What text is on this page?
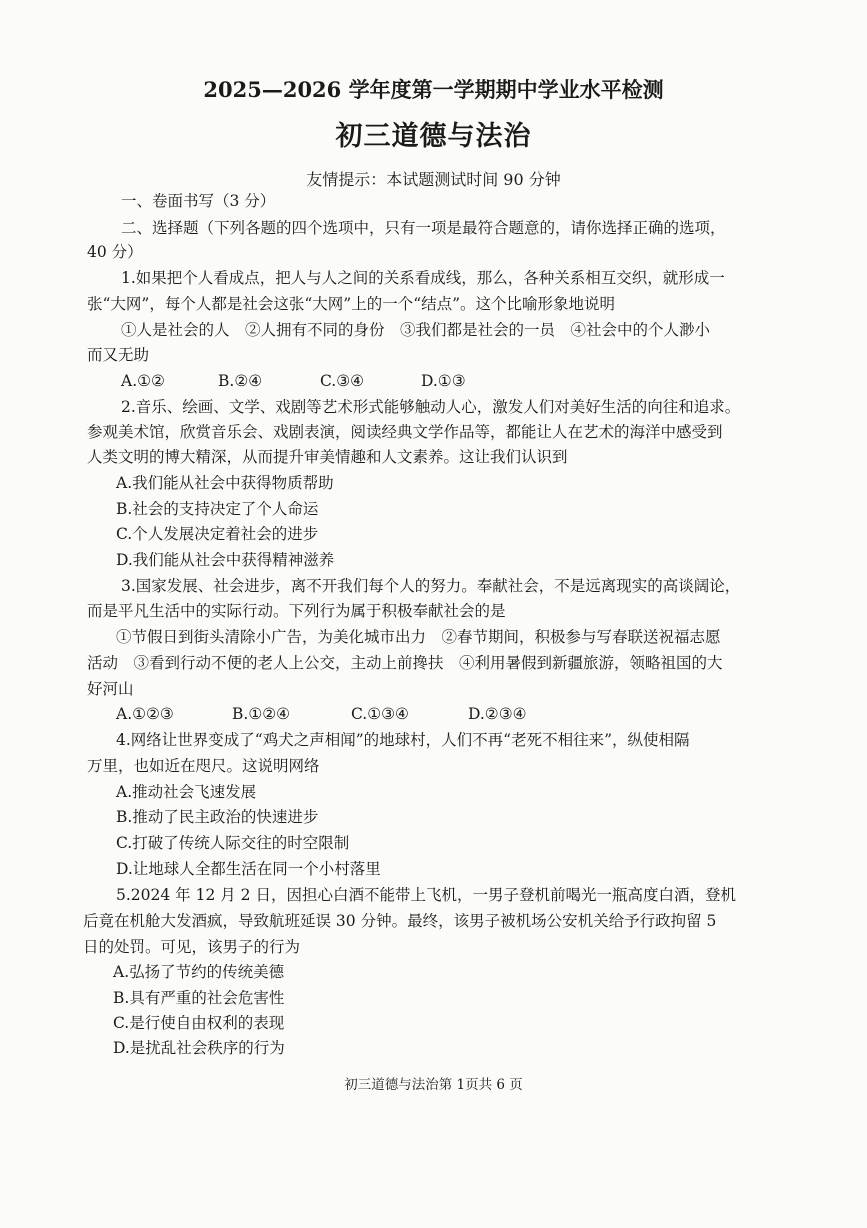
2025—2026 学年度第一学期期中学业水平检测
初三道德与法治
友情提示：本试题测试时间 90 分钟
一、卷面书写（3 分）
二、选择题（下列各题的四个选项中，只有一项是最符合题意的，请你选择正确的选项，
40 分）
1.如果把个人看成点，把人与人之间的关系看成线，那么，各种关系相互交织，就形成一
张“大网”，每个人都是社会这张“大网”上的一个“结点”。这个比喻形象地说明
①人是社会的人　②人拥有不同的身份　③我们都是社会的一员　④社会中的个人渺小
而又无助
A.①②	B.②④	C.③④	D.①③
2.音乐、绘画、文学、戏剧等艺术形式能够触动人心，激发人们对美好生活的向往和追求。
参观美术馆，欣赏音乐会、戏剧表演，阅读经典文学作品等，都能让人在艺术的海洋中感受到
人类文明的博大精深，从而提升审美情趣和人文素养。这让我们认识到
A.我们能从社会中获得物质帮助
B.社会的支持决定了个人命运
C.个人发展决定着社会的进步
D.我们能从社会中获得精神滋养
3.国家发展、社会进步，离不开我们每个人的努力。奉献社会，不是远离现实的高谈阔论，
而是平凡生活中的实际行动。下列行为属于积极奉献社会的是
①节假日到街头清除小广告，为美化城市出力　②春节期间，积极参与写春联送祝福志愿
活动　③看到行动不便的老人上公交，主动上前搀扶　④利用暑假到新疆旅游，领略祖国的大
好河山
A.①②③	B.①②④	C.①③④	D.②③④
4.网络让世界变成了“鸡犬之声相闻”的地球村，人们不再“老死不相往来”，纵使相隔
万里，也如近在咫尺。这说明网络
A.推动社会飞速发展
B.推动了民主政治的快速进步
C.打破了传统人际交往的时空限制
D.让地球人全都生活在同一个小村落里
5.2024 年 12 月 2 日，因担心白酒不能带上飞机，一男子登机前喝光一瓶高度白酒，登机
后竟在机舱大发酒疯，导致航班延误 30 分钟。最终，该男子被机场公安机关给予行政拘留 5
日的处罚。可见，该男子的行为
A.弘扬了节约的传统美德
B.具有严重的社会危害性
C.是行使自由权利的表现
D.是扰乱社会秩序的行为
初三道德与法治第 1页共 6 页
